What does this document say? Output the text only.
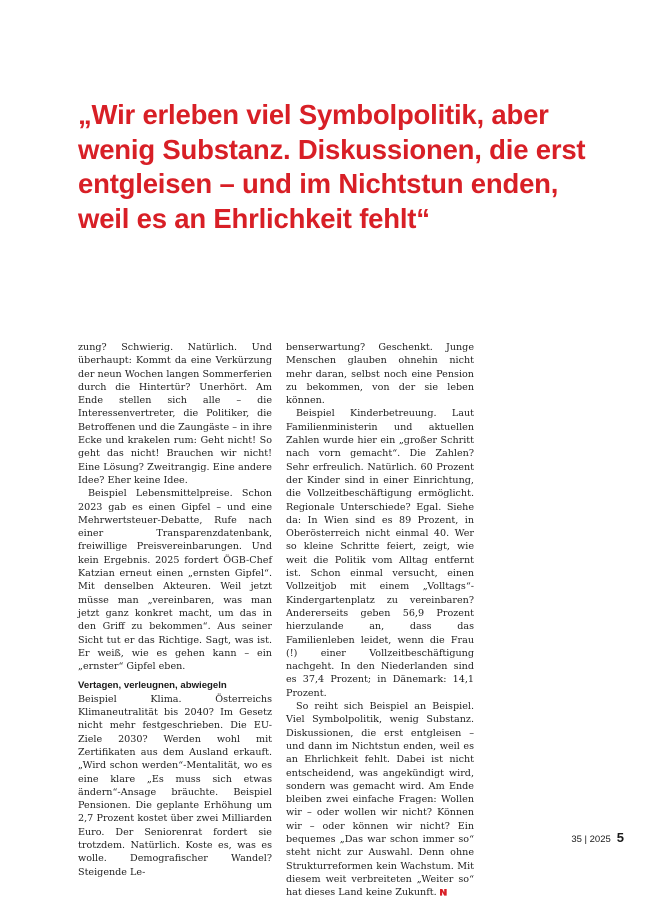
„Wir erleben viel Symbolpolitik, aber wenig Substanz. Diskussionen, die erst entgleisen – und im Nichtstun enden, weil es an Ehrlichkeit fehlt“

zung? Schwierig. Natürlich. Und überhaupt: Kommt da eine Verkürzung der neun Wochen langen Sommerferien durch die Hintertür? Unerhört. Am Ende stellen sich alle – die Interessenvertreter, die Politiker, die Betroffenen und die Zaungäste – in ihre Ecke und krakelen rum: Geht nicht! So geht das nicht! Brauchen wir nicht! Eine Lösung? Zweitrangig. Eine andere Idee? Eher keine Idee.

Beispiel Lebensmittelpreise. Schon 2023 gab es einen Gipfel – und eine Mehrwertsteuer-Debatte, Rufe nach einer Transparenzdatenbank, freiwillige Preisvereinbarungen. Und kein Ergebnis. 2025 fordert ÖGB-Chef Katzian erneut einen „ernsten Gipfel“. Mit denselben Akteuren. Weil jetzt müsse man „vereinbaren, was man jetzt ganz konkret macht, um das in den Griff zu bekommen“. Aus seiner Sicht tut er das Richtige. Sagt, was ist. Er weiß, wie es gehen kann – ein „ernster“ Gipfel eben.

Vertagen, verleugnen, abwiegeln

Beispiel Klima. Österreichs Klimaneutralität bis 2040? Im Gesetz nicht mehr festgeschrieben. Die EU-Ziele 2030? Werden wohl mit Zertifikaten aus dem Ausland erkauft. „Wird schon werden“-Mentalität, wo es eine klare „Es muss sich etwas ändern“-Ansage bräuchte. Beispiel Pensionen. Die geplante Erhöhung um 2,7 Prozent kostet über zwei Milliarden Euro. Der Seniorenrat fordert sie trotzdem. Natürlich. Koste es, was es wolle. Demografischer Wandel? Steigende Le-

benserwartung? Geschenkt. Junge Menschen glauben ohnehin nicht mehr daran, selbst noch eine Pension zu bekommen, von der sie leben können.

Beispiel Kinderbetreuung. Laut Familienministerin und aktuellen Zahlen wurde hier ein „großer Schritt nach vorn gemacht“. Die Zahlen? Sehr erfreulich. Natürlich. 60 Prozent der Kinder sind in einer Einrichtung, die Vollzeitbeschäftigung ermöglicht. Regionale Unterschiede? Egal. Siehe da: In Wien sind es 89 Prozent, in Oberösterreich nicht einmal 40. Wer so kleine Schritte feiert, zeigt, wie weit die Politik vom Alltag entfernt ist. Schon einmal versucht, einen Vollzeitjob mit einem „Volltags“-Kindergartenplatz zu vereinbaren? Andererseits geben 56,9 Prozent hierzulande an, dass das Familienleben leidet, wenn die Frau (!) einer Vollzeitbeschäftigung nachgeht. In den Niederlanden sind es 37,4 Prozent; in Dänemark: 14,1 Prozent.

So reiht sich Beispiel an Beispiel. Viel Symbolpolitik, wenig Substanz. Diskussionen, die erst entgleisen – und dann im Nichtstun enden, weil es an Ehrlichkeit fehlt. Dabei ist nicht entscheidend, was angekündigt wird, sondern was gemacht wird. Am Ende bleiben zwei einfache Fragen: Wollen wir – oder wollen wir nicht? Können wir – oder können wir nicht? Ein bequemes „Das war schon immer so“ steht nicht zur Auswahl. Denn ohne Strukturreformen kein Wachstum. Mit diesem weit verbreiteten „Weiter so“ hat dieses Land keine Zukunft.

35 | 2025 5
